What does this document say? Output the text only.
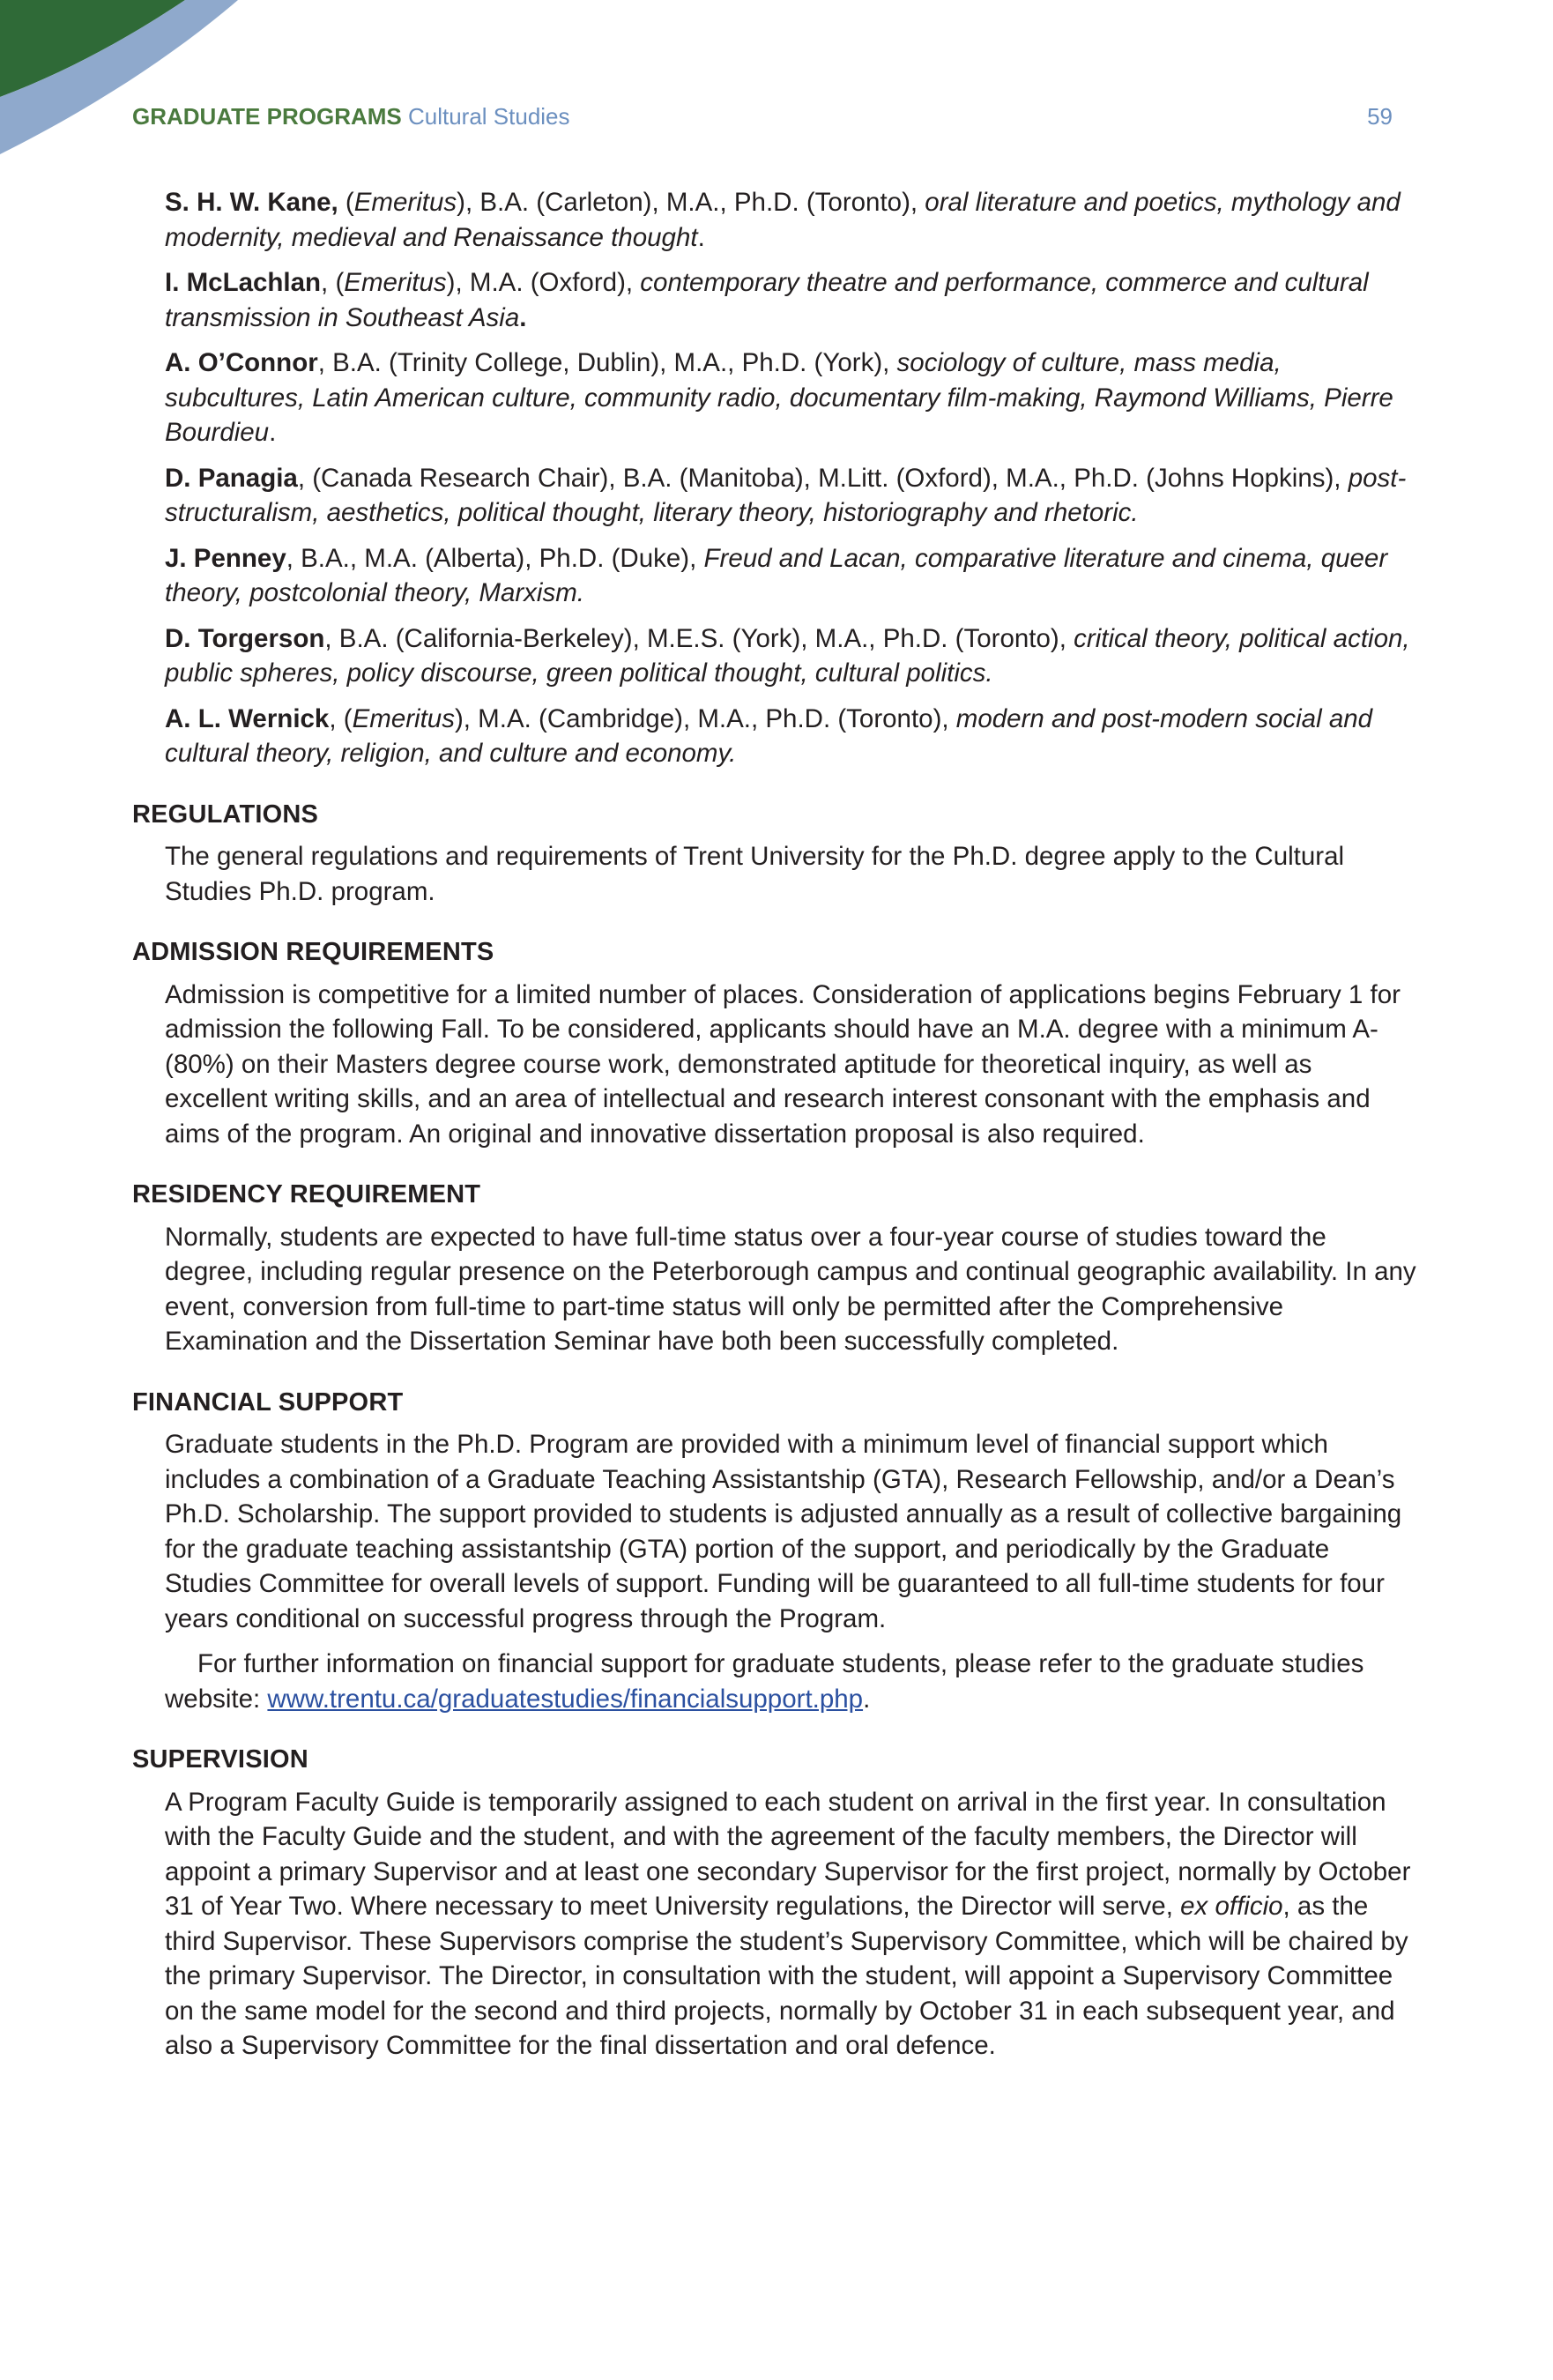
GRADUATE PROGRAMS Cultural Studies	59

S. H. W. Kane, (Emeritus), B.A. (Carleton), M.A., Ph.D. (Toronto), oral literature and poetics, mythology and modernity, medieval and Renaissance thought.

I. McLachlan, (Emeritus), M.A. (Oxford), contemporary theatre and performance, commerce and cultural transmission in Southeast Asia.

A. O’Connor, B.A. (Trinity College, Dublin), M.A., Ph.D. (York), sociology of culture, mass media, subcultures, Latin American culture, community radio, documentary film-making, Raymond Williams, Pierre Bourdieu.

D. Panagia, (Canada Research Chair), B.A. (Manitoba), M.Litt. (Oxford), M.A., Ph.D. (Johns Hopkins), post-structuralism, aesthetics, political thought, literary theory, historiography and rhetoric.

J. Penney, B.A., M.A. (Alberta), Ph.D. (Duke), Freud and Lacan, comparative literature and cinema, queer theory, postcolonial theory, Marxism.

D. Torgerson, B.A. (California-Berkeley), M.E.S. (York), M.A., Ph.D. (Toronto), critical theory, political action, public spheres, policy discourse, green political thought, cultural politics.

A. L. Wernick, (Emeritus), M.A. (Cambridge), M.A., Ph.D. (Toronto), modern and post-modern social and cultural theory, religion, and culture and economy.

REGULATIONS

The general regulations and requirements of Trent University for the Ph.D. degree apply to the Cultural Studies Ph.D. program.

ADMISSION REQUIREMENTS

Admission is competitive for a limited number of places. Consideration of applications begins February 1 for admission the following Fall. To be considered, applicants should have an M.A. degree with a minimum A- (80%) on their Masters degree course work, demonstrated aptitude for theoretical inquiry, as well as excellent writing skills, and an area of intellectual and research interest consonant with the emphasis and aims of the program. An original and innovative dissertation proposal is also required.

RESIDENCY REQUIREMENT

Normally, students are expected to have full-time status over a four-year course of studies toward the degree, including regular presence on the Peterborough campus and continual geographic availability. In any event, conversion from full-time to part-time status will only be permitted after the Comprehensive Examination and the Dissertation Seminar have both been successfully completed.

FINANCIAL SUPPORT

Graduate students in the Ph.D. Program are provided with a minimum level of financial support which includes a combination of a Graduate Teaching Assistantship (GTA), Research Fellowship, and/or a Dean’s Ph.D. Scholarship. The support provided to students is adjusted annually as a result of collective bargaining for the graduate teaching assistantship (GTA) portion of the support, and periodically by the Graduate Studies Committee for overall levels of support. Funding will be guaranteed to all full-time students for four years conditional on successful progress through the Program.

For further information on financial support for graduate students, please refer to the graduate studies website: www.trentu.ca/graduatestudies/financialsupport.php.

SUPERVISION

A Program Faculty Guide is temporarily assigned to each student on arrival in the first year. In consultation with the Faculty Guide and the student, and with the agreement of the faculty members, the Director will appoint a primary Supervisor and at least one secondary Supervisor for the first project, normally by October 31 of Year Two. Where necessary to meet University regulations, the Director will serve, ex officio, as the third Supervisor. These Supervisors comprise the student’s Supervisory Committee, which will be chaired by the primary Supervisor. The Director, in consultation with the student, will appoint a Supervisory Committee on the same model for the second and third projects, normally by October 31 in each subsequent year, and also a Supervisory Committee for the final dissertation and oral defence.
